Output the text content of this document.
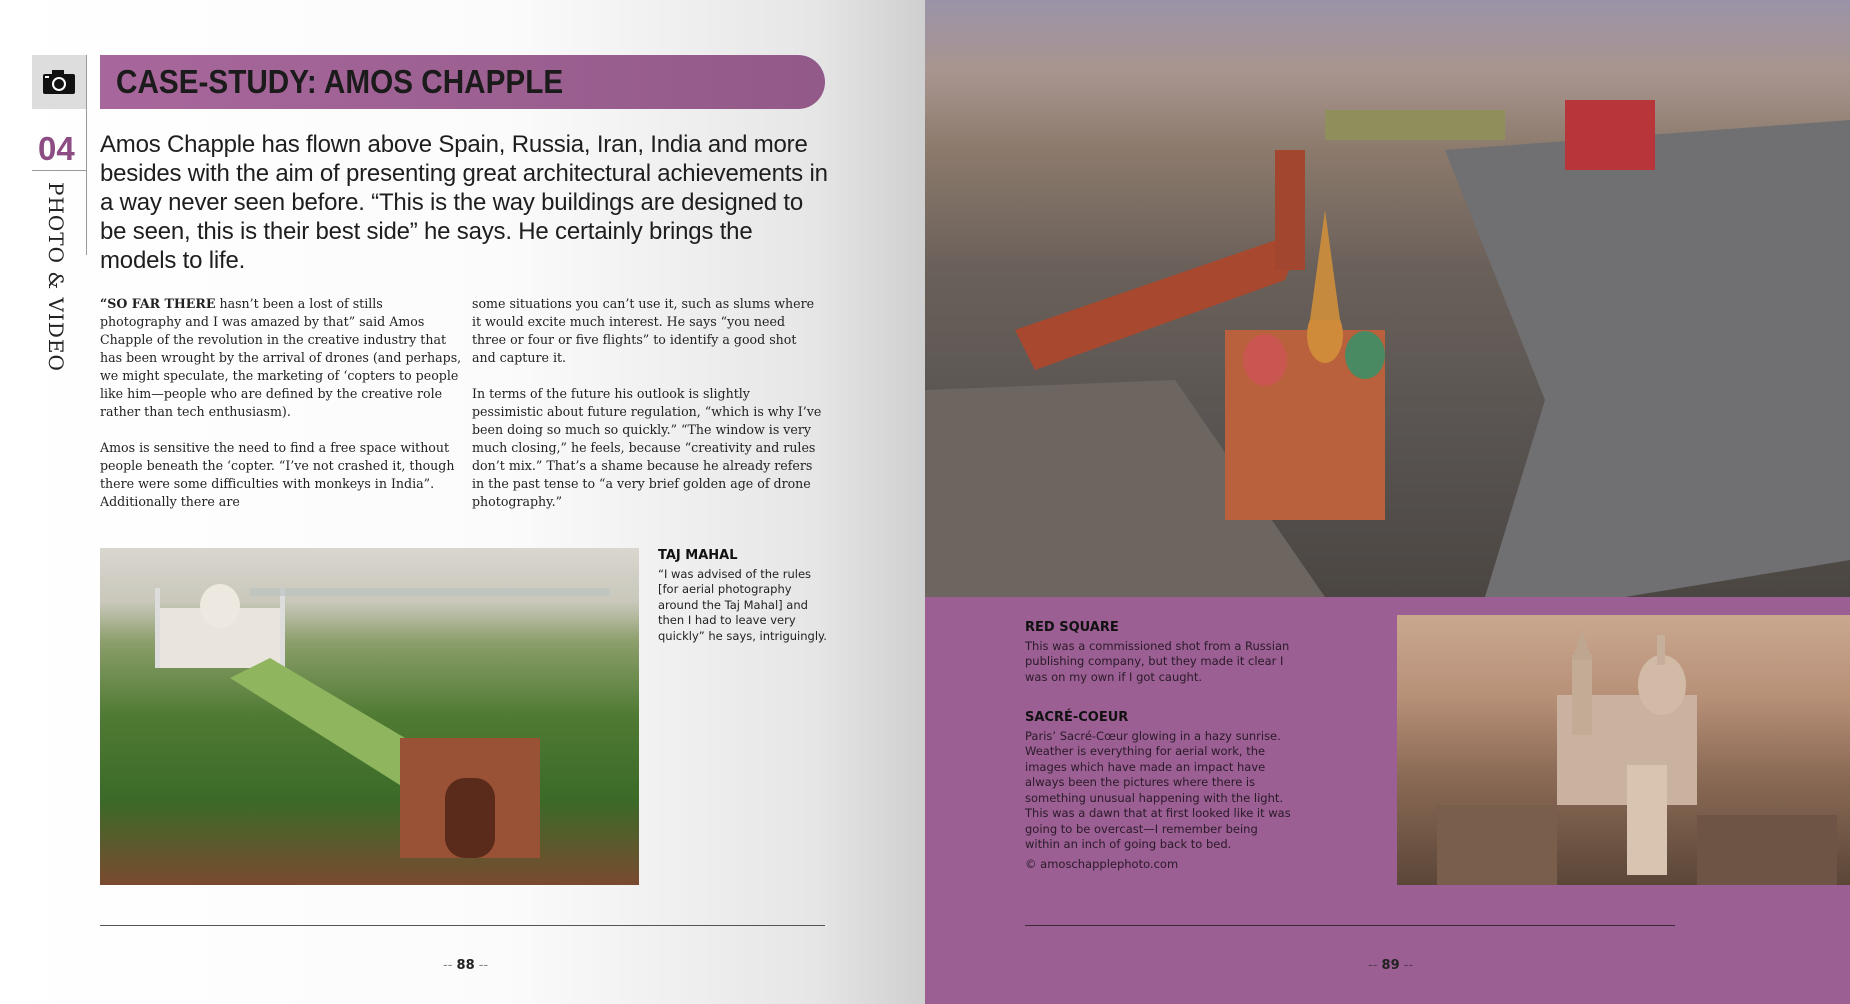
CASE-STUDY: AMOS CHAPPLE
04
PHOTO & VIDEO
Amos Chapple has flown above Spain, Russia, Iran, India and more besides with the aim of presenting great architectural achievements in a way never seen before. “This is the way buildings are designed to be seen, this is their best side” he says. He certainly brings the models to life.

“SO FAR THERE hasn’t been a lost of stills photography and I was amazed by that” said Amos Chapple of the revolution in the creative industry that has been wrought by the arrival of drones (and perhaps, we might speculate, the marketing of ‘copters to people like him—people who are defined by the creative role rather than tech enthusiasm).

Amos is sensitive the need to find a free space without people beneath the ‘copter. “I’ve not crashed it, though there were some difficulties with monkeys in India”. Additionally there are

some situations you can’t use it, such as slums where it would excite much interest. He says “you need three or four or five flights” to identify a good shot and capture it.

In terms of the future his outlook is slightly pessimistic about future regulation, “which is why I’ve been doing so much so quickly.” “The window is very much closing,” he feels, because “creativity and rules don’t mix.” That’s a shame because he already refers in the past tense to “a very brief golden age of drone photography.”

TAJ MAHAL
“I was advised of the rules [for aerial photography around the Taj Mahal] and then I had to leave very quickly” he says, intriguingly.
-- 88 --
RED SQUARE
This was a commissioned shot from a Russian publishing company, but they made it clear I was on my own if I got caught.
SACRÉ-COEUR
Paris’ Sacré-Cœur glowing in a hazy sunrise. Weather is everything for aerial work, the images which have made an impact have always been the pictures where there is something unusual happening with the light. This was a dawn that at first looked like it was going to be overcast—I remember being within an inch of going back to bed.
© amoschapplephoto.com
-- 89 --
